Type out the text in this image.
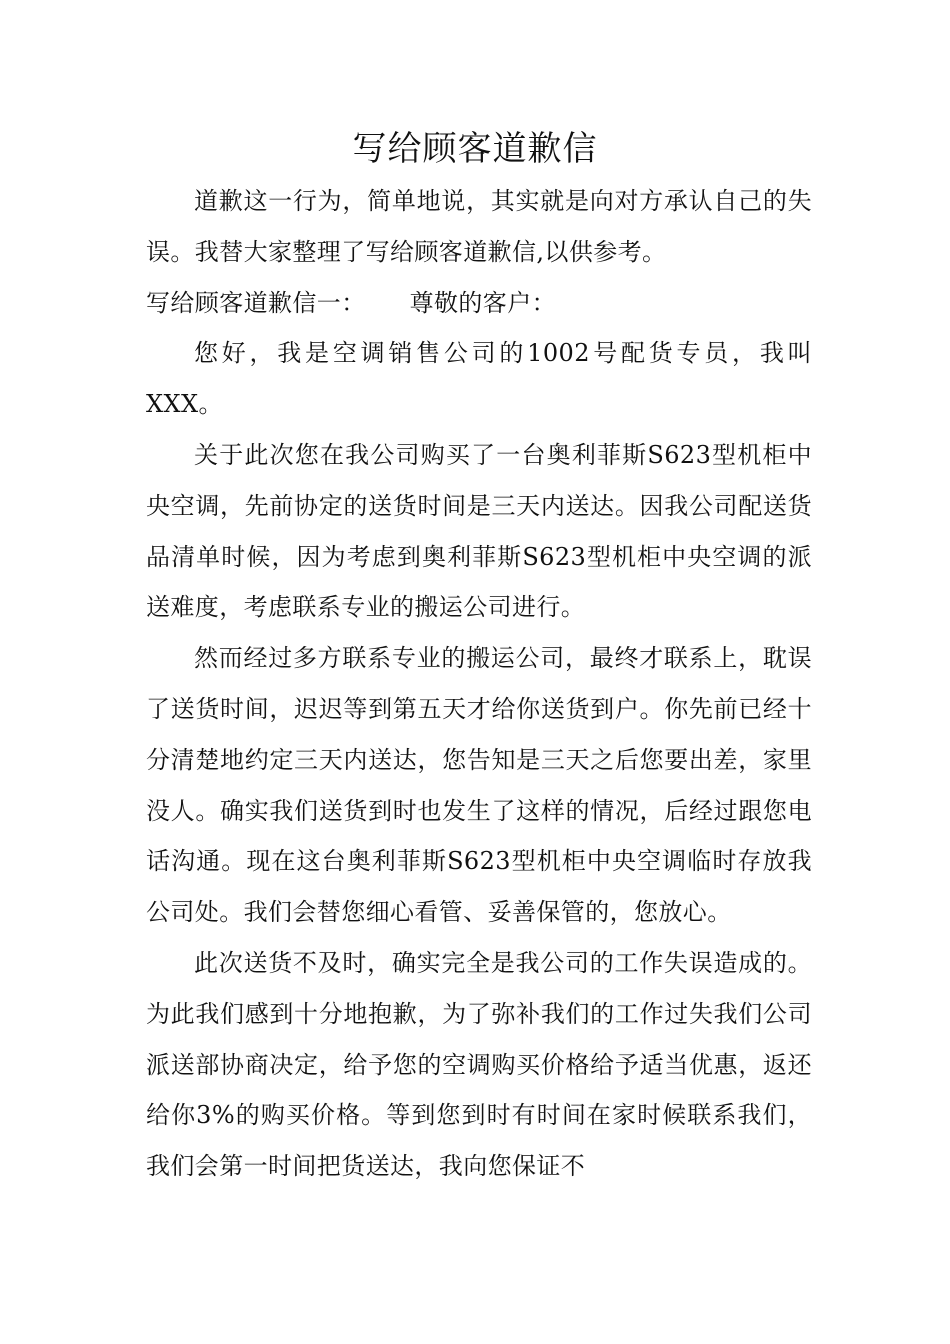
写给顾客道歉信

道歉这一行为，简单地说，其实就是向对方承认自己的失误。我替大家整理了写给顾客道歉信,以供参考。

写给顾客道歉信一： 尊敬的客户：

您好，我是空调销售公司的1002号配货专员，我叫XXX。

关于此次您在我公司购买了一台奥利菲斯S623型机柜中央空调，先前协定的送货时间是三天内送达。因我公司配送货品清单时候，因为考虑到奥利菲斯S623型机柜中央空调的派送难度，考虑联系专业的搬运公司进行。

然而经过多方联系专业的搬运公司，最终才联系上，耽误了送货时间，迟迟等到第五天才给你送货到户。你先前已经十分清楚地约定三天内送达，您告知是三天之后您要出差，家里没人。确实我们送货到时也发生了这样的情况，后经过跟您电话沟通。现在这台奥利菲斯S623型机柜中央空调临时存放我公司处。我们会替您细心看管、妥善保管的，您放心。

此次送货不及时，确实完全是我公司的工作失误造成的。为此我们感到十分地抱歉，为了弥补我们的工作过失我们公司派送部协商决定，给予您的空调购买价格给予适当优惠，返还给你3%的购买价格。等到您到时有时间在家时候联系我们，我们会第一时间把货送达，我向您保证不
